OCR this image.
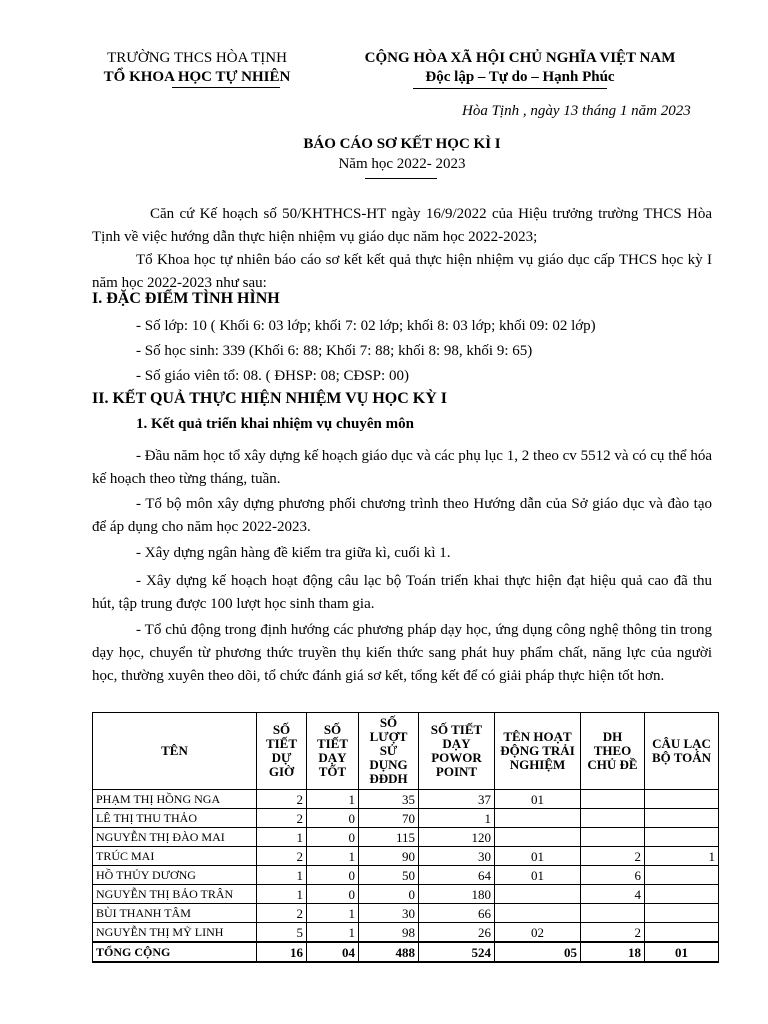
TRƯỜNG THCS HÒA TỊNH
TỔ KHOA HỌC TỰ NHIÊN
CỘNG HÒA XÃ HỘI CHỦ NGHĨA VIỆT NAM
Độc lập – Tự do – Hạnh Phúc
Hòa Tịnh , ngày 13 tháng 1 năm 2023
BÁO CÁO SƠ KẾT HỌC KÌ I
Năm học 2022- 2023
Căn cứ Kế hoạch số 50/KHTHCS-HT ngày 16/9/2022 của Hiệu trưởng trường THCS Hòa Tịnh về việc hướng dẫn thực hiện nhiệm vụ giáo dục năm học 2022-2023;
Tổ Khoa học tự nhiên báo cáo sơ kết kết quả thực hiện nhiệm vụ giáo dục cấp THCS học kỳ I năm học 2022-2023 như sau:
I. ĐẶC ĐIỂM TÌNH HÌNH
- Số lớp: 10 ( Khối 6: 03 lớp; khối 7: 02 lớp; khối 8: 03 lớp; khối 09: 02 lớp)
- Số học sinh: 339 (Khối 6: 88; Khối 7: 88; khối 8: 98, khối 9: 65)
- Số giáo viên tổ: 08. ( ĐHSP: 08; CĐSP: 00)
II. KẾT QUẢ THỰC HIỆN NHIỆM VỤ HỌC KỲ I
1. Kết quả triển khai nhiệm vụ chuyên môn
- Đầu năm học tổ xây dựng kế hoạch giáo dục và các phụ lục 1, 2 theo cv 5512 và có cụ thể hóa kế hoạch theo từng tháng, tuần.
- Tổ bộ môn xây dựng phương phối chương trình theo Hướng dẫn của Sở giáo dục và đào tạo để áp dụng cho năm học 2022-2023.
- Xây dựng ngân hàng đề kiểm tra giữa kì, cuối kì 1.
- Xây dựng kế hoạch hoạt động câu lạc bộ Toán triển khai thực hiện đạt hiệu quả cao đã thu hút, tập trung được 100 lượt học sinh tham gia.
- Tổ chủ động trong định hướng các phương pháp dạy học, ứng dụng công nghệ thông tin trong dạy học, chuyển từ phương thức truyền thụ kiến thức sang phát huy phẩm chất, năng lực của người học, thường xuyên theo dõi, tổ chức đánh giá sơ kết, tổng kết để có giải pháp thực hiện tốt hơn.
TÊN	SỐ TIẾT DỰ GIỜ	SỐ TIẾT DẠY TỐT	SỐ LƯỢT SỬ DỤNG ĐĐDH	SỐ TIẾT DẠY POWOR POINT	TÊN HOẠT ĐỘNG TRẢI NGHIỆM	DH THEO CHỦ ĐỀ	CÂU LẠC BỘ TOÁN
PHẠM THỊ HỒNG NGA	2	1	35	37	01		
LÊ THỊ THU THẢO	2	0	70	1			
NGUYỄN THỊ ĐÀO MAI	1	0	115	120			
TRÚC MAI	2	1	90	30	01	2	1
HỒ THỦY DƯƠNG	1	0	50	64	01	6	
NGUYỄN THỊ BẢO TRÂN	1	0	0	180		4	
BÙI THANH TÂM	2	1	30	66			
NGUYỄN THỊ MỸ LINH	5	1	98	26	02	2	
TỔNG CỘNG	16	04	488	524	05	18	01
